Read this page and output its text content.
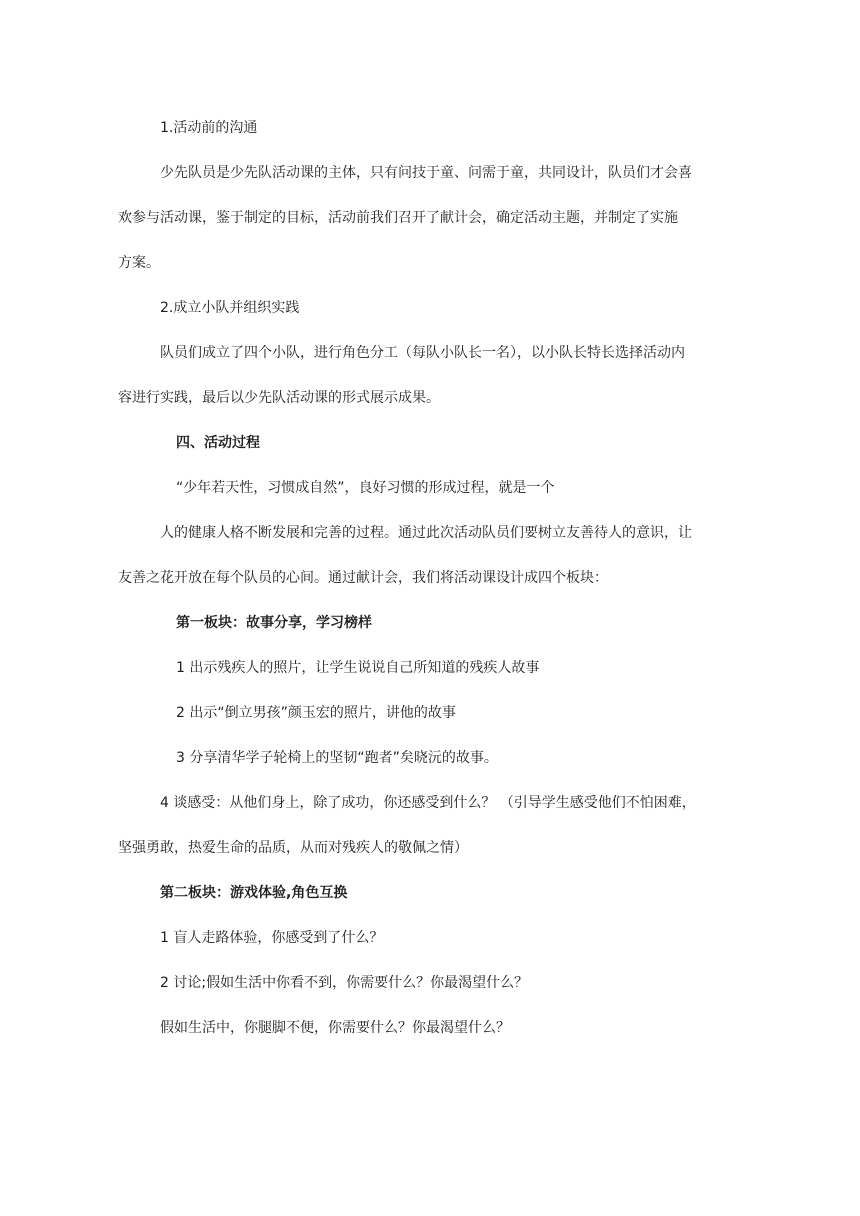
1.活动前的沟通
少先队员是少先队活动课的主体，只有问技于童、问需于童，共同设计，队员们才会喜
欢参与活动课，鉴于制定的目标，活动前我们召开了献计会，确定活动主题，并制定了实施
方案。
2.成立小队并组织实践
队员们成立了四个小队，进行角色分工（每队小队长一名），以小队长特长选择活动内
容进行实践，最后以少先队活动课的形式展示成果。
四、活动过程
“少年若天性，习惯成自然”，良好习惯的形成过程，就是一个
人的健康人格不断发展和完善的过程。通过此次活动队员们要树立友善待人的意识，让
友善之花开放在每个队员的心间。通过献计会，我们将活动课设计成四个板块：
第一板块：故事分享，学习榜样
1 出示残疾人的照片，让学生说说自己所知道的残疾人故事
2 出示“倒立男孩”颜玉宏的照片，讲他的故事
3 分享清华学子轮椅上的坚韧“跑者”矣晓沅的故事。
4 谈感受：从他们身上，除了成功，你还感受到什么？ （引导学生感受他们不怕困难，
坚强勇敢，热爱生命的品质，从而对残疾人的敬佩之情）
第二板块：游戏体验,角色互换
1 盲人走路体验，你感受到了什么？
2 讨论;假如生活中你看不到，你需要什么？你最渴望什么？
假如生活中，你腿脚不便，你需要什么？你最渴望什么？
